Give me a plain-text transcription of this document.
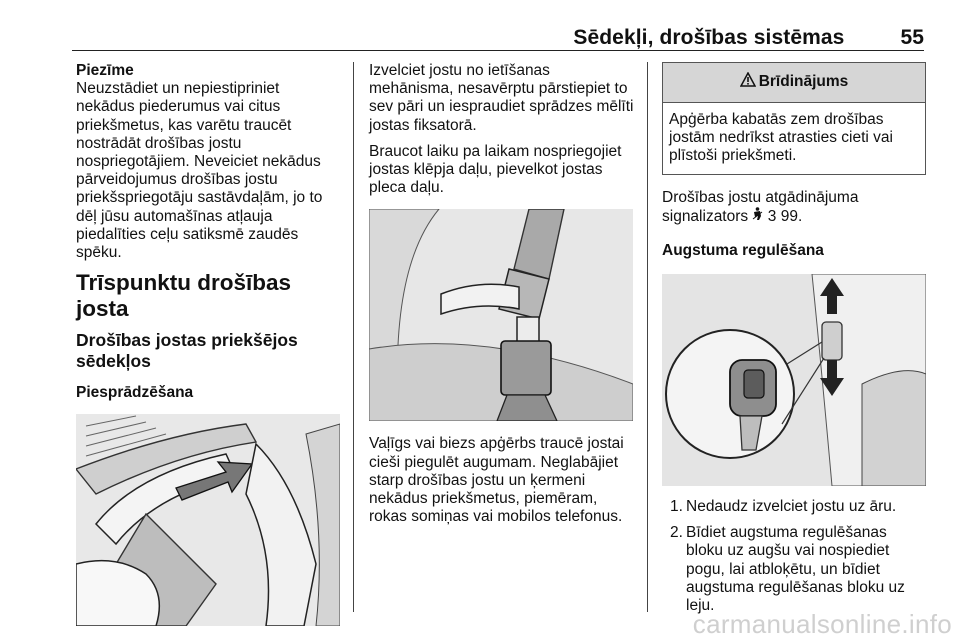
Sēdekļi, drošības sistēmas	55
Piezīme

Neuzstādiet un nepiestipriniet nekādus piederumus vai citus priekšmetus, kas varētu traucēt nostrādāt drošības jostu nospriegotājiem. Neveiciet nekādus pārveidojumus drošības jostu priekšspriegotāju sastāvdaļām, jo to dēļ jūsu automašīnas atļauja piedalīties ceļu satiksmē zaudēs spēku.

Trīspunktu drošības josta
Drošības jostas priekšējos sēdekļos
Piesprādzēšana

Izvelciet jostu no ietīšanas mehānisma, nesavērptu pārstiepiet to sev pāri un iespraudiet sprādzes mēlīti jostas fiksatorā.

Braucot laiku pa laikam nospriegojiet jostas klēpja daļu, pievelkot jostas pleca daļu.

Vaļīgs vai biezs apģērbs traucē jostai cieši piegulēt augumam. Neglabājiet starp drošības jostu un ķermeni nekādus priekšmetus, piemēram, rokas somiņas vai mobilos telefonus.

Brīdinājums
Apģērba kabatās zem drošības jostām nedrīkst atrasties cieti vai plīstoši priekšmeti.

Drošības jostu atgādinājuma signalizators 3 99.

Augstuma regulēšana
1. Nedaudz izvelciet jostu uz āru.
2. Bīdiet augstuma regulēšanas bloku uz augšu vai nospiediet pogu, lai atbloķētu, un bīdiet augstuma regulēšanas bloku uz leju.
carmanualsonline.info
